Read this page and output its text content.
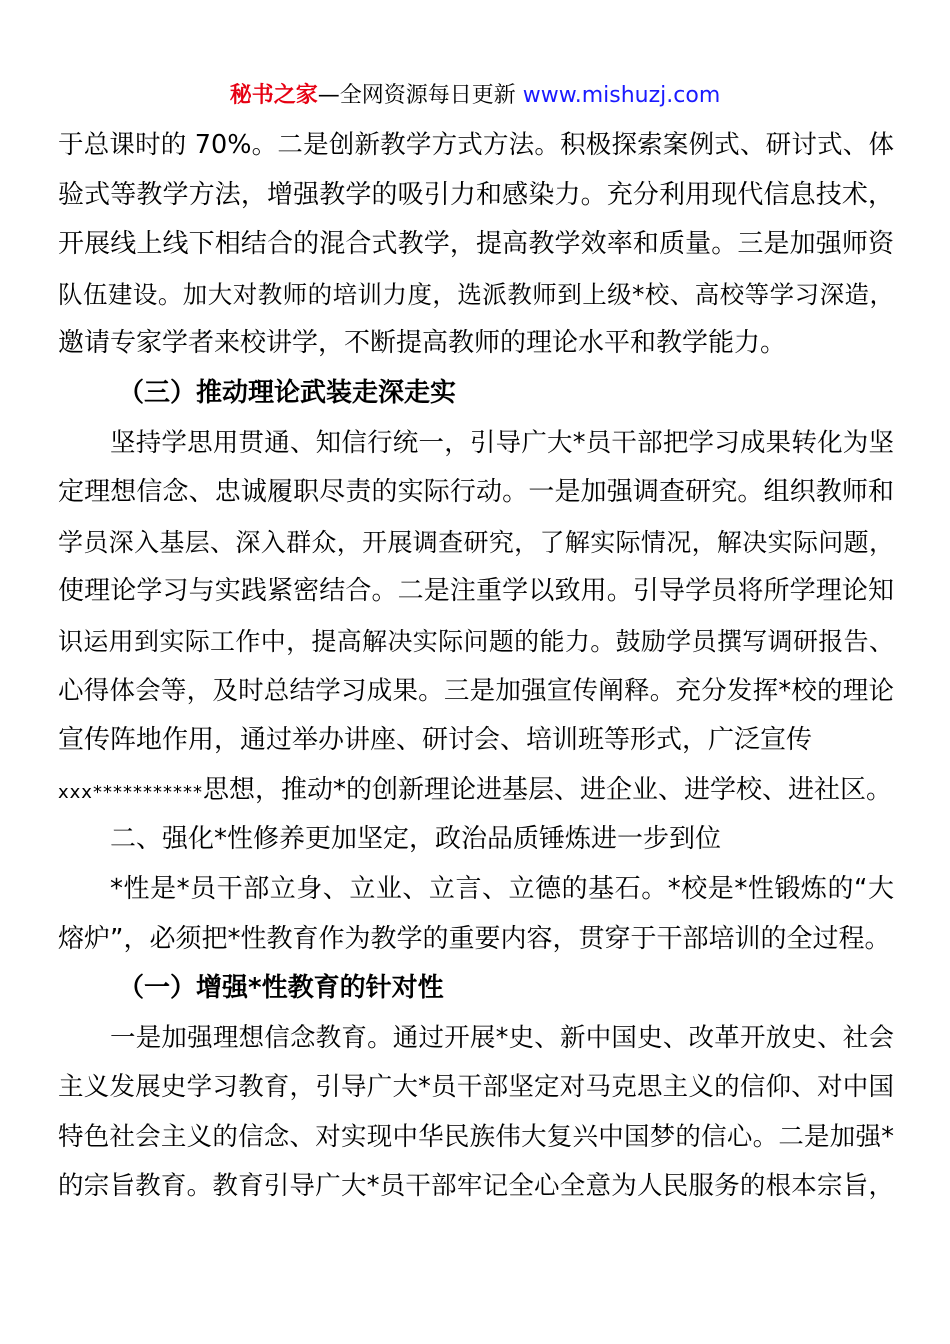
秘书之家—全网资源每日更新 www.mishuzj.com
于总课时的 70%。二是创新教学方式方法。积极探索案例式、研讨式、体
验式等教学方法，增强教学的吸引力和感染力。充分利用现代信息技术，
开展线上线下相结合的混合式教学，提高教学效率和质量。三是加强师资
队伍建设。加大对教师的培训力度，选派教师到上级*校、高校等学习深造，
邀请专家学者来校讲学，不断提高教师的理论水平和教学能力。
（三）推动理论武装走深走实
坚持学思用贯通、知信行统一，引导广大*员干部把学习成果转化为坚
定理想信念、忠诚履职尽责的实际行动。一是加强调查研究。组织教师和
学员深入基层、深入群众，开展调查研究，了解实际情况，解决实际问题，
使理论学习与实践紧密结合。二是注重学以致用。引导学员将所学理论知
识运用到实际工作中，提高解决实际问题的能力。鼓励学员撰写调研报告、
心得体会等，及时总结学习成果。三是加强宣传阐释。充分发挥*校的理论
宣传阵地作用，通过举办讲座、研讨会、培训班等形式，广泛宣传
xxx***********思想，推动*的创新理论进基层、进企业、进学校、进社区。
二、强化*性修养更加坚定，政治品质锤炼进一步到位
*性是*员干部立身、立业、立言、立德的基石。*校是*性锻炼的“大
熔炉”，必须把*性教育作为教学的重要内容，贯穿于干部培训的全过程。
（一）增强*性教育的针对性
一是加强理想信念教育。通过开展*史、新中国史、改革开放史、社会
主义发展史学习教育，引导广大*员干部坚定对马克思主义的信仰、对中国
特色社会主义的信念、对实现中华民族伟大复兴中国梦的信心。二是加强*
的宗旨教育。教育引导广大*员干部牢记全心全意为人民服务的根本宗旨，
